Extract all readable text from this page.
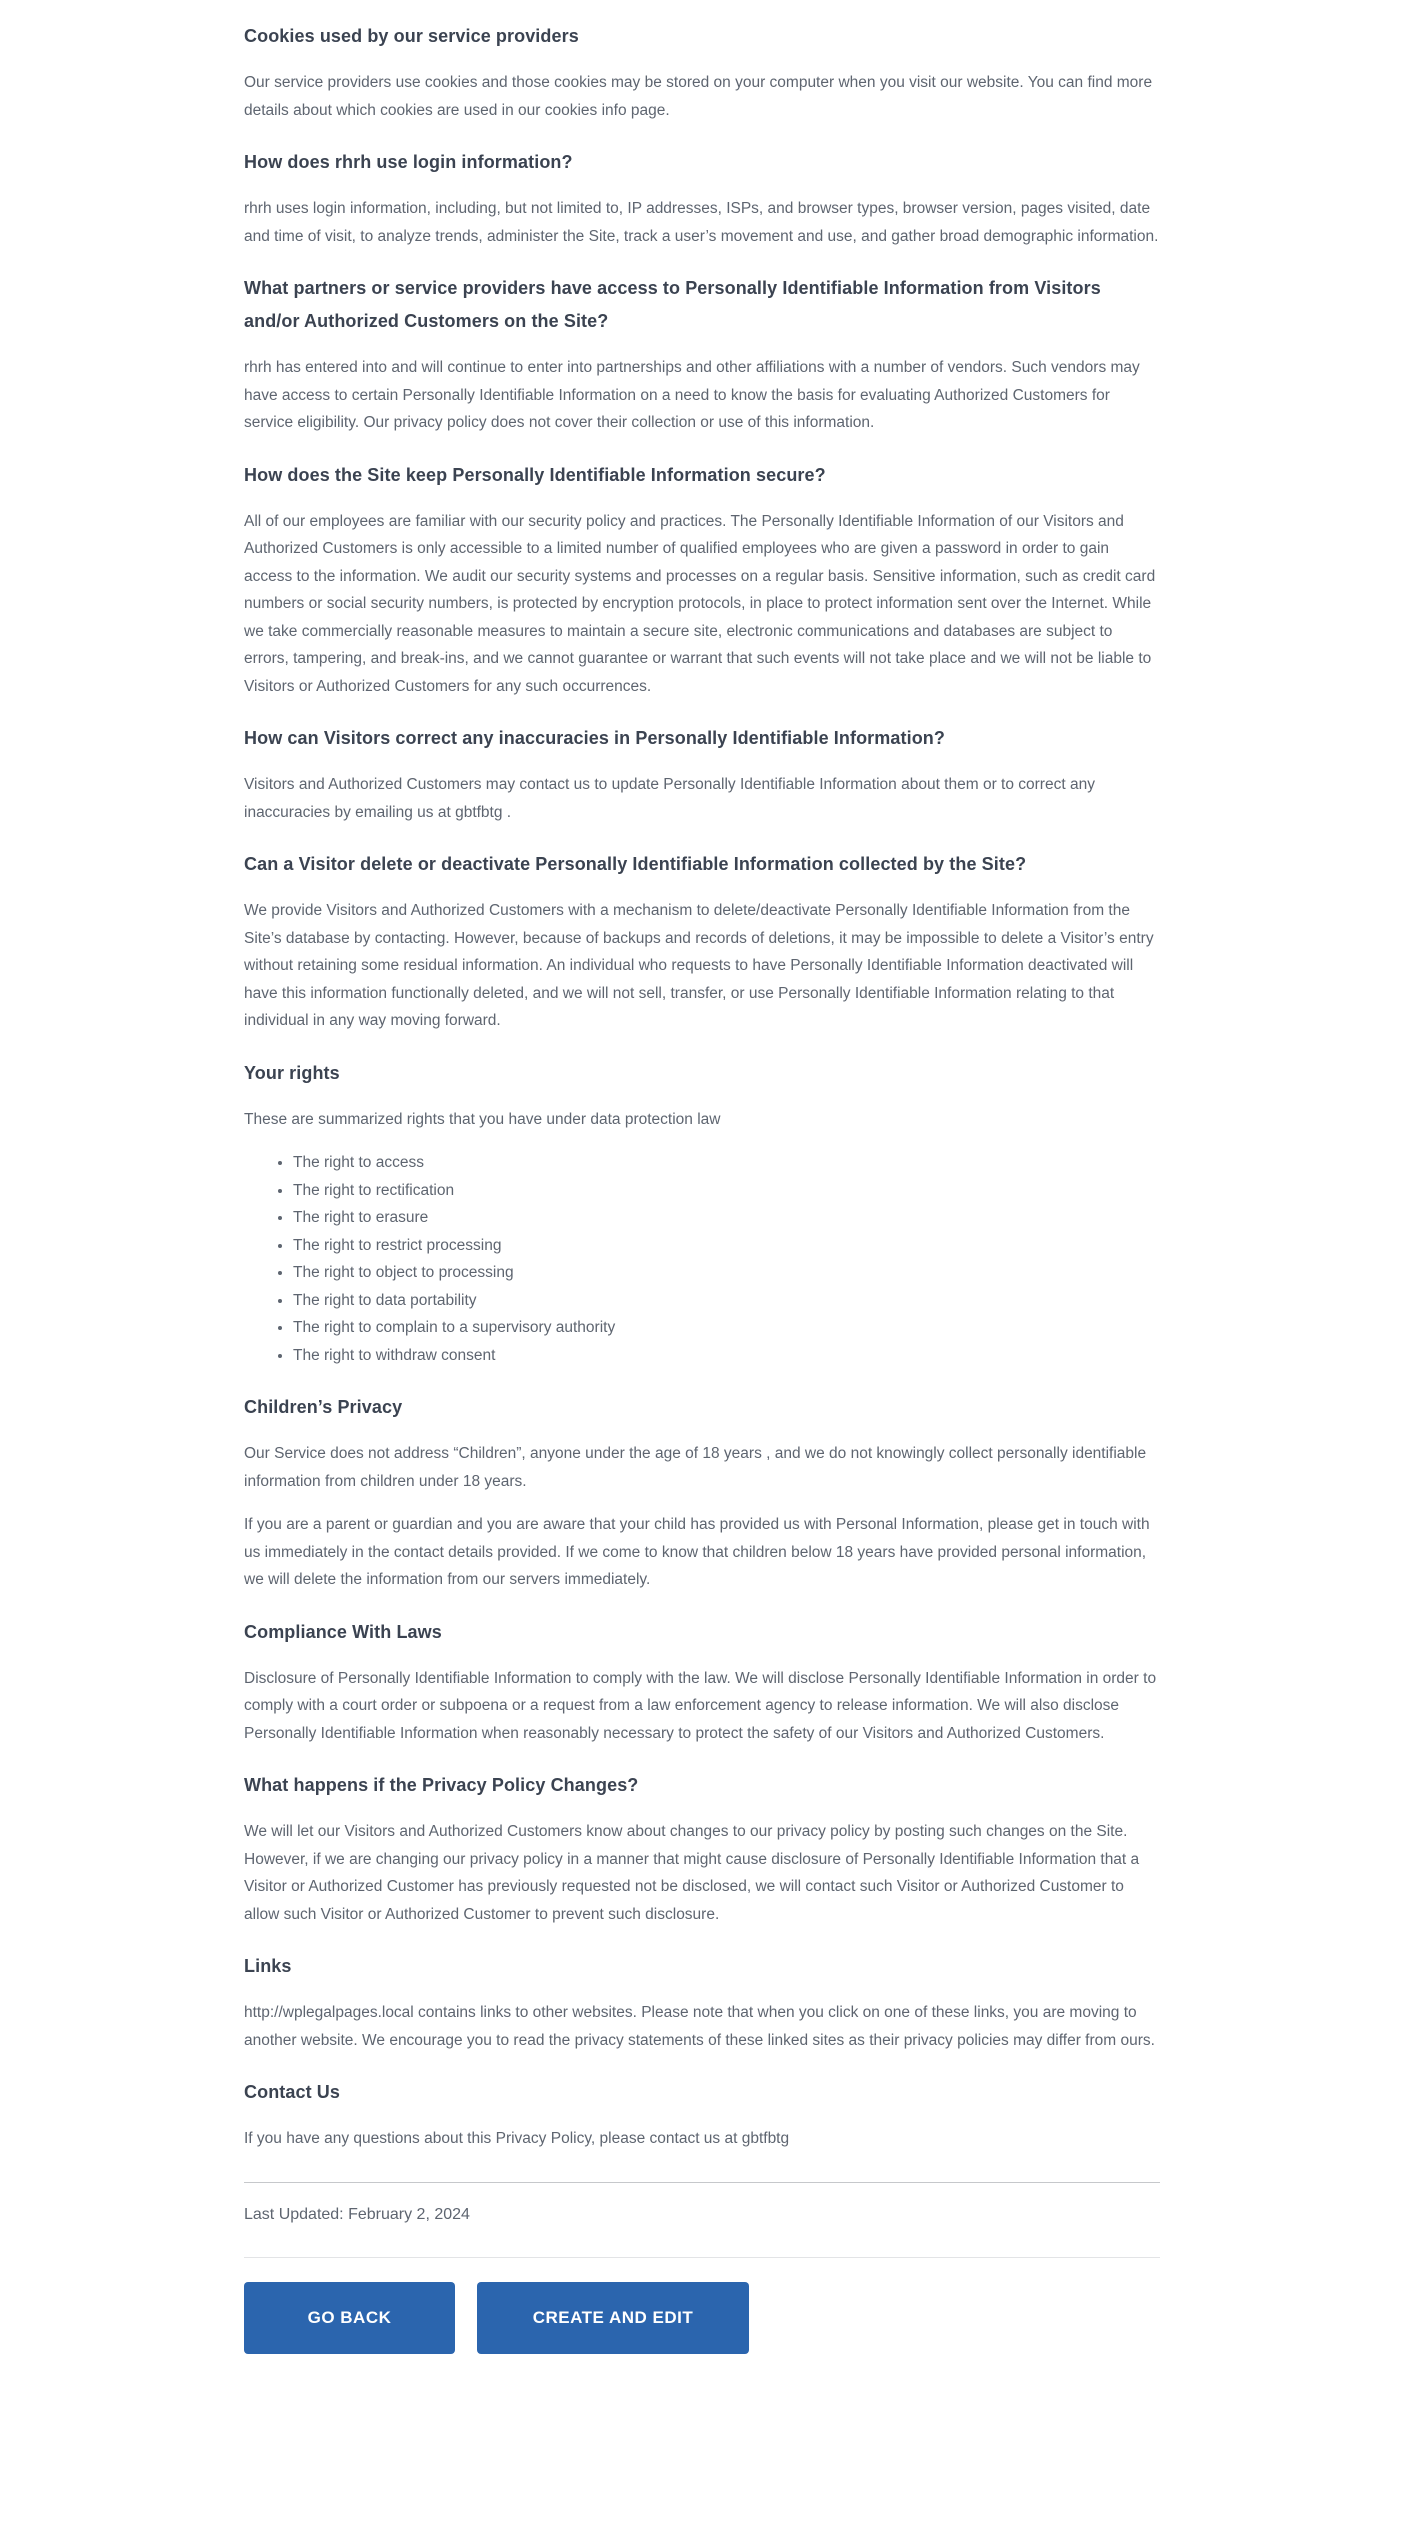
Cookies used by our service providers

Our service providers use cookies and those cookies may be stored on your computer when you visit our website. You can find more details about which cookies are used in our cookies info page.

How does rhrh use login information?

rhrh uses login information, including, but not limited to, IP addresses, ISPs, and browser types, browser version, pages visited, date and time of visit, to analyze trends, administer the Site, track a user’s movement and use, and gather broad demographic information.

What partners or service providers have access to Personally Identifiable Information from Visitors and/or Authorized Customers on the Site?

rhrh has entered into and will continue to enter into partnerships and other affiliations with a number of vendors. Such vendors may have access to certain Personally Identifiable Information on a need to know the basis for evaluating Authorized Customers for service eligibility. Our privacy policy does not cover their collection or use of this information.

How does the Site keep Personally Identifiable Information secure?

All of our employees are familiar with our security policy and practices. The Personally Identifiable Information of our Visitors and Authorized Customers is only accessible to a limited number of qualified employees who are given a password in order to gain access to the information. We audit our security systems and processes on a regular basis. Sensitive information, such as credit card numbers or social security numbers, is protected by encryption protocols, in place to protect information sent over the Internet. While we take commercially reasonable measures to maintain a secure site, electronic communications and databases are subject to errors, tampering, and break-ins, and we cannot guarantee or warrant that such events will not take place and we will not be liable to Visitors or Authorized Customers for any such occurrences.

How can Visitors correct any inaccuracies in Personally Identifiable Information?

Visitors and Authorized Customers may contact us to update Personally Identifiable Information about them or to correct any inaccuracies by emailing us at gbtfbtg .

Can a Visitor delete or deactivate Personally Identifiable Information collected by the Site?

We provide Visitors and Authorized Customers with a mechanism to delete/deactivate Personally Identifiable Information from the Site’s database by contacting. However, because of backups and records of deletions, it may be impossible to delete a Visitor’s entry without retaining some residual information. An individual who requests to have Personally Identifiable Information deactivated will have this information functionally deleted, and we will not sell, transfer, or use Personally Identifiable Information relating to that individual in any way moving forward.

Your rights

These are summarized rights that you have under data protection law

• The right to access
• The right to rectification
• The right to erasure
• The right to restrict processing
• The right to object to processing
• The right to data portability
• The right to complain to a supervisory authority
• The right to withdraw consent
Children’s Privacy

Our Service does not address “Children”, anyone under the age of 18 years , and we do not knowingly collect personally identifiable information from children under 18 years.

If you are a parent or guardian and you are aware that your child has provided us with Personal Information, please get in touch with us immediately in the contact details provided. If we come to know that children below 18 years have provided personal information, we will delete the information from our servers immediately.

Compliance With Laws

Disclosure of Personally Identifiable Information to comply with the law. We will disclose Personally Identifiable Information in order to comply with a court order or subpoena or a request from a law enforcement agency to release information. We will also disclose Personally Identifiable Information when reasonably necessary to protect the safety of our Visitors and Authorized Customers.

What happens if the Privacy Policy Changes?

We will let our Visitors and Authorized Customers know about changes to our privacy policy by posting such changes on the Site. However, if we are changing our privacy policy in a manner that might cause disclosure of Personally Identifiable Information that a Visitor or Authorized Customer has previously requested not be disclosed, we will contact such Visitor or Authorized Customer to allow such Visitor or Authorized Customer to prevent such disclosure.

Links

http://wplegalpages.local contains links to other websites. Please note that when you click on one of these links, you are moving to another website. We encourage you to read the privacy statements of these linked sites as their privacy policies may differ from ours.

Contact Us

If you have any questions about this Privacy Policy, please contact us at gbtfbtg

Last Updated: February 2, 2024

GO BACK	CREATE AND EDIT
